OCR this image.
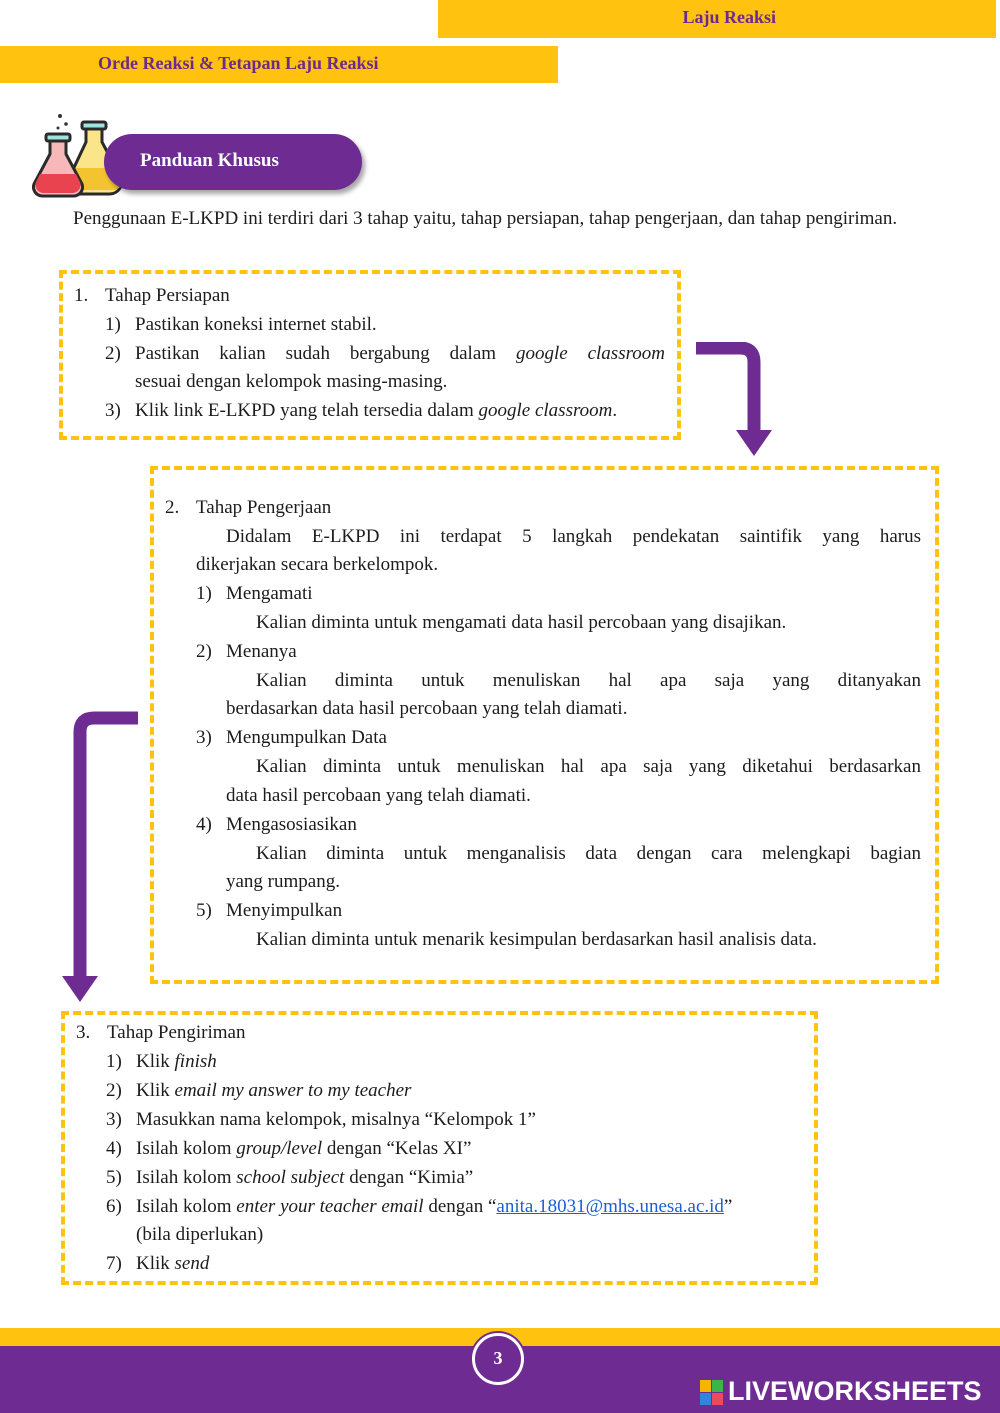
Laju Reaksi
Orde Reaksi & Tetapan Laju Reaksi
Panduan Khusus
Penggunaan E-LKPD ini terdiri dari 3 tahap yaitu, tahap persiapan, tahap pengerjaan, dan tahap pengiriman.
1. Tahap Persiapan
1) Pastikan koneksi internet stabil.
2) Pastikan kalian sudah bergabung dalam google classroom
sesuai dengan kelompok masing-masing.
3) Klik link E-LKPD yang telah tersedia dalam google classroom.
2. Tahap Pengerjaan
Didalam E-LKPD ini terdapat 5 langkah pendekatan saintifik yang harus
dikerjakan secara berkelompok.
1) Mengamati
Kalian diminta untuk mengamati data hasil percobaan yang disajikan.
2) Menanya
Kalian diminta untuk menuliskan hal apa saja yang ditanyakan
berdasarkan data hasil percobaan yang telah diamati.
3) Mengumpulkan Data
Kalian diminta untuk menuliskan hal apa saja yang diketahui berdasarkan
data hasil percobaan yang telah diamati.
4) Mengasosiasikan
Kalian diminta untuk menganalisis data dengan cara melengkapi bagian
yang rumpang.
5) Menyimpulkan
Kalian diminta untuk menarik kesimpulan berdasarkan hasil analisis data.
3. Tahap Pengiriman
1) Klik finish
2) Klik email my answer to my teacher
3) Masukkan nama kelompok, misalnya “Kelompok 1”
4) Isilah kolom group/level dengan “Kelas XI”
5) Isilah kolom school subject dengan “Kimia”
6) Isilah kolom enter your teacher email dengan “anita.18031@mhs.unesa.ac.id”
(bila diperlukan)
7) Klik send
3
LIVEWORKSHEETS
